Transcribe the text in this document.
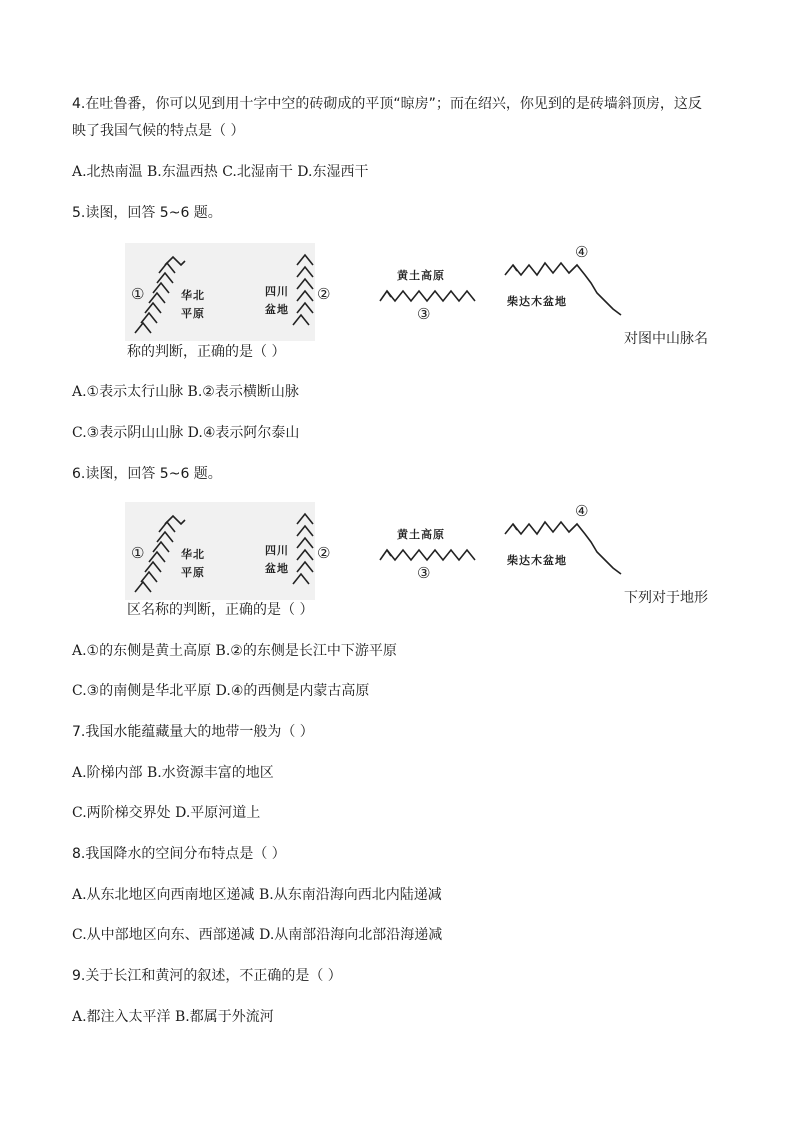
4.在吐鲁番，你可以见到用十字中空的砖砌成的平顶“晾房”；而在绍兴，你见到的是砖墙斜顶房，这反
映了我国气候的特点是（ ）
A.北热南温 B.东温西热 C.北湿南干 D.东湿西干
5.读图，回答 5~6 题。
①	华北
平原
四川
盆地
②
黄土高原
③
④
柴达木盆地
对图中山脉名
称的判断，正确的是（ ）
A.①表示太行山脉 B.②表示横断山脉
C.③表示阴山山脉 D.④表示阿尔泰山
6.读图，回答 5~6 题。
①	华北
平原
四川
盆地
②
黄土高原
③
④
柴达木盆地
下列对于地形
区名称的判断，正确的是（ ）
A.①的东侧是黄土高原 B.②的东侧是长江中下游平原
C.③的南侧是华北平原 D.④的西侧是内蒙古高原
7.我国水能蕴藏量大的地带一般为（ ）
A.阶梯内部 B.水资源丰富的地区
C.两阶梯交界处 D.平原河道上
8.我国降水的空间分布特点是（ ）
A.从东北地区向西南地区递减 B.从东南沿海向西北内陆递减
C.从中部地区向东、西部递减 D.从南部沿海向北部沿海递减
9.关于长江和黄河的叙述，不正确的是（ ）
A.都注入太平洋 B.都属于外流河
